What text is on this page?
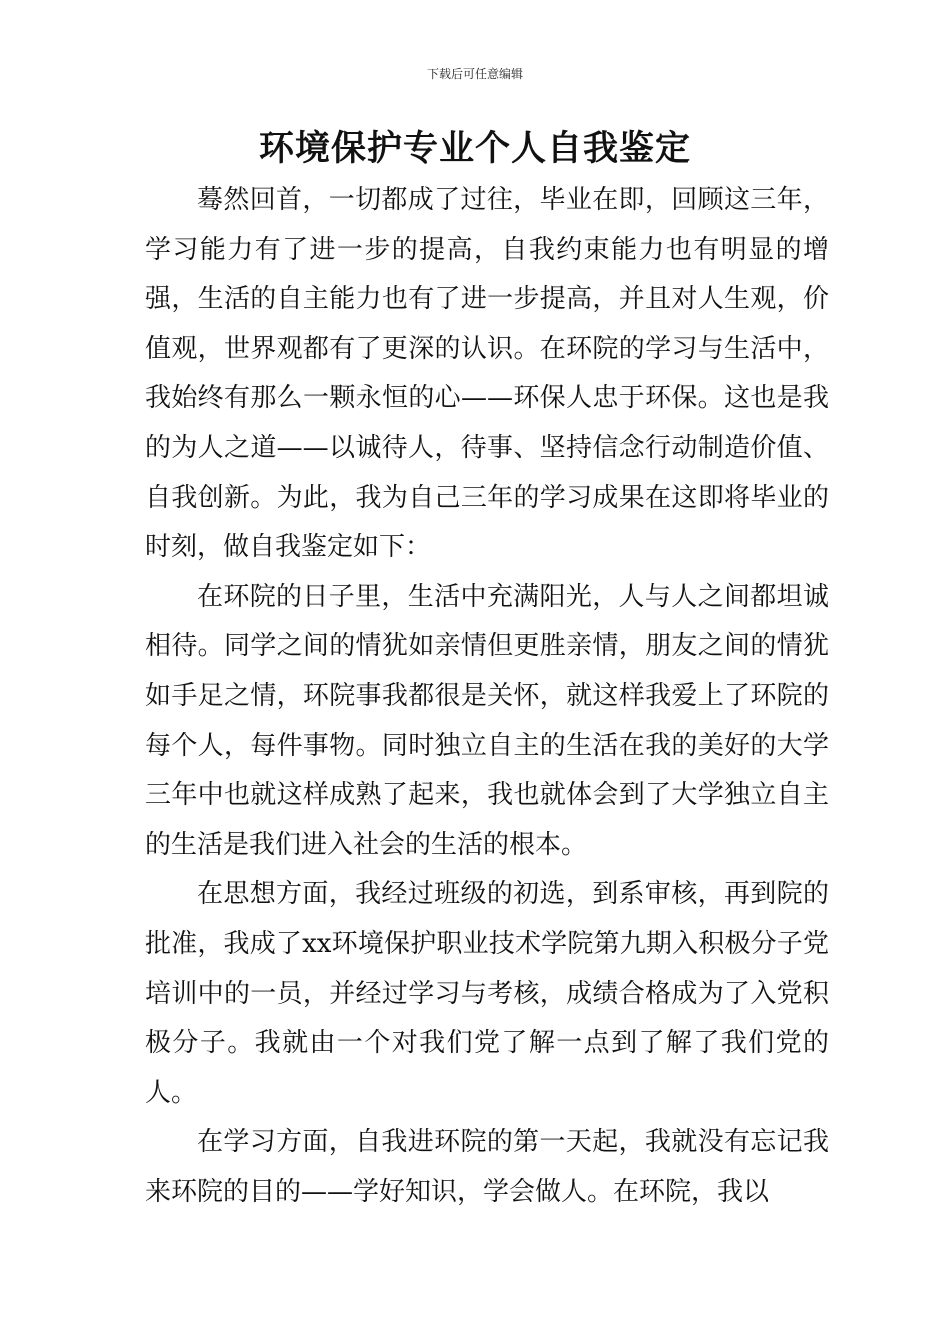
下载后可任意编辑
环境保护专业个人自我鉴定

蓦然回首，一切都成了过往，毕业在即，回顾这三年，学习能力有了进一步的提高，自我约束能力也有明显的增强，生活的自主能力也有了进一步提高，并且对人生观，价值观，世界观都有了更深的认识。在环院的学习与生活中，我始终有那么一颗永恒的心——环保人忠于环保。这也是我的为人之道——以诚待人，待事、坚持信念行动制造价值、自我创新。为此，我为自己三年的学习成果在这即将毕业的时刻，做自我鉴定如下：

在环院的日子里，生活中充满阳光，人与人之间都坦诚相待。同学之间的情犹如亲情但更胜亲情，朋友之间的情犹如手足之情，环院事我都很是关怀，就这样我爱上了环院的每个人，每件事物。同时独立自主的生活在我的美好的大学三年中也就这样成熟了起来，我也就体会到了大学独立自主的生活是我们进入社会的生活的根本。

在思想方面，我经过班级的初选，到系审核，再到院的批准，我成了xx环境保护职业技术学院第九期入积极分子党培训中的一员，并经过学习与考核，成绩合格成为了入党积极分子。我就由一个对我们党了解一点到了解了我们党的人。

在学习方面，自我进环院的第一天起，我就没有忘记我来环院的目的——学好知识，学会做人。在环院，我以
